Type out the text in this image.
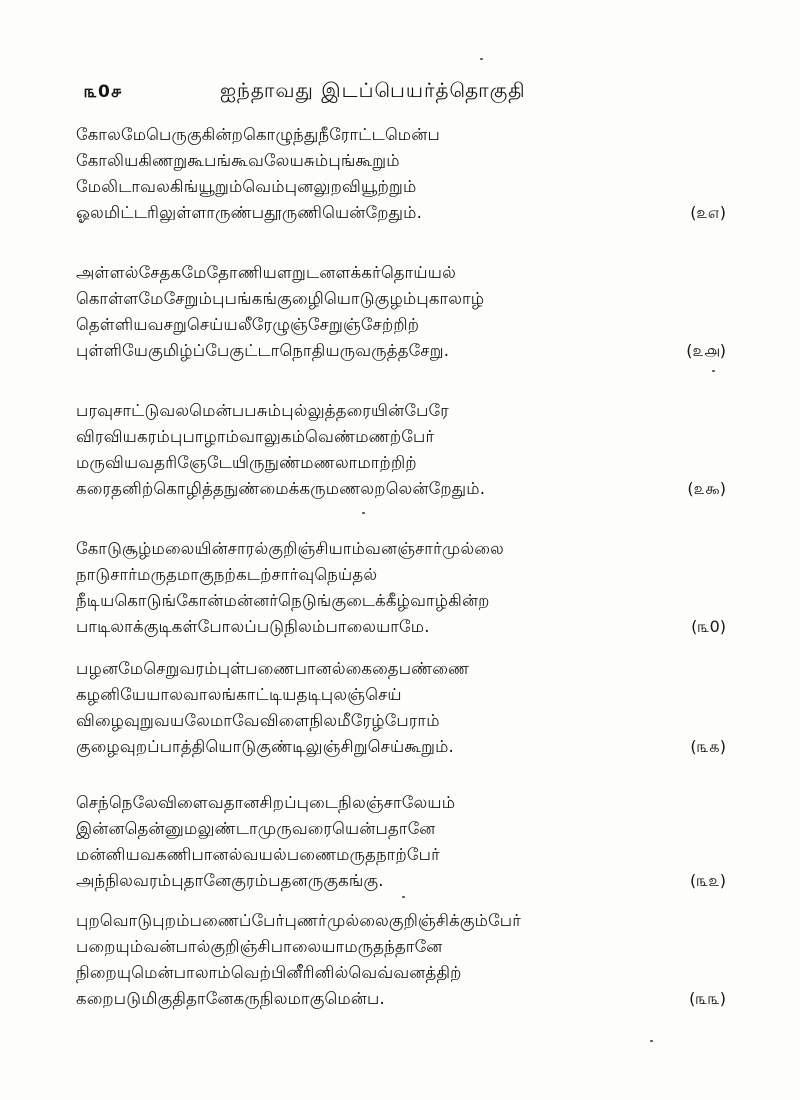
௩0௪	ஐந்தாவது இடப்பெயர்த்தொகுதி
கோலமேபெருகுகின்றகொழுந்துநீரோட்டமென்ப
கோலியகிணறுகூபங்கூவலேயசும்புங்கூறும்
மேலிடாவலகிங்யூறும்வெம்புனலுறவியூற்றும்
ஓலமிட்டரிலுள்ளாருண்பதூருணியென்றேதும்.	(௨௭)
அள்ளல்சேதகமேதோணியளறுடனளக்கர்தொய்யல்
கொள்ளமேசேறும்புபங்கங்குழைியொடுகுழம்புகாலாழ்
தெள்ளியவசறுசெய்யலீரேழுஞ்சேறுஞ்சேற்றிற்
புள்ளியேகுமிழ்ப்பேகுட்டாநொதியருவருத்தசேறு.	(௨௮)
பரவுசாட்டுவலமென்பபசும்புல்லுத்தரையின்பேரே
விரவியகரம்புபாழாம்வாலுகம்வெண்மணற்பேர்
மருவியவதரிஞேடேயிருநுண்மணலாமாற்றிற்
கரைதனிற்கொழித்தநுண்மைக்கருமணலறலென்றேதும்.	(௨௯)
கோடுசூழ்மலையின்சாரல்குறிஞ்சியாம்வனஞ்சார்முல்லை
நாடுசார்மருதமாகுநற்கடற்சார்வுநெய்தல்
நீடியகொடுங்கோன்மன்னர்நெடுங்குடைக்கீழ்வாழ்கின்ற
பாடிலாக்குடிகள்போலப்படுநிலம்பாலையாமே.	(௩0)
பழனமேசெறுவரம்புள்பணைபானல்கைதைபண்ணை
கழனியேயாலவாலங்காட்டியதடிபுலஞ்செய்
விழைவுறுவயலேமாவேவிளைநிலமீரேழ்பேராம்
குழைவுறப்பாத்தியொடுகுண்டிலுஞ்சிறுசெய்கூறும்.	(௩௧)
செந்நெலேவிளைவதானசிறப்புடைநிலஞ்சாலேயம்
இன்னதென்னுமலுண்டாமுருவரையென்பதானே
மன்னியவகணிபானல்வயல்பணைமருதநாற்பேர்
அந்நிலவரம்புதானேகுரம்பதனருகுகங்கு.	(௩௨)
புறவொடுபுறம்பணைப்பேர்புணர்முல்லைகுறிஞ்சிக்கும்பேர்
பறையும்வன்பால்குறிஞ்சிபாலையாமருதந்தானே
நிறையுமென்பாலாம்வெற்பினீரினில்வெவ்வனத்திற்
கறைபடுமிகுதிதானேகருநிலமாகுமென்ப.	(௩௩)
